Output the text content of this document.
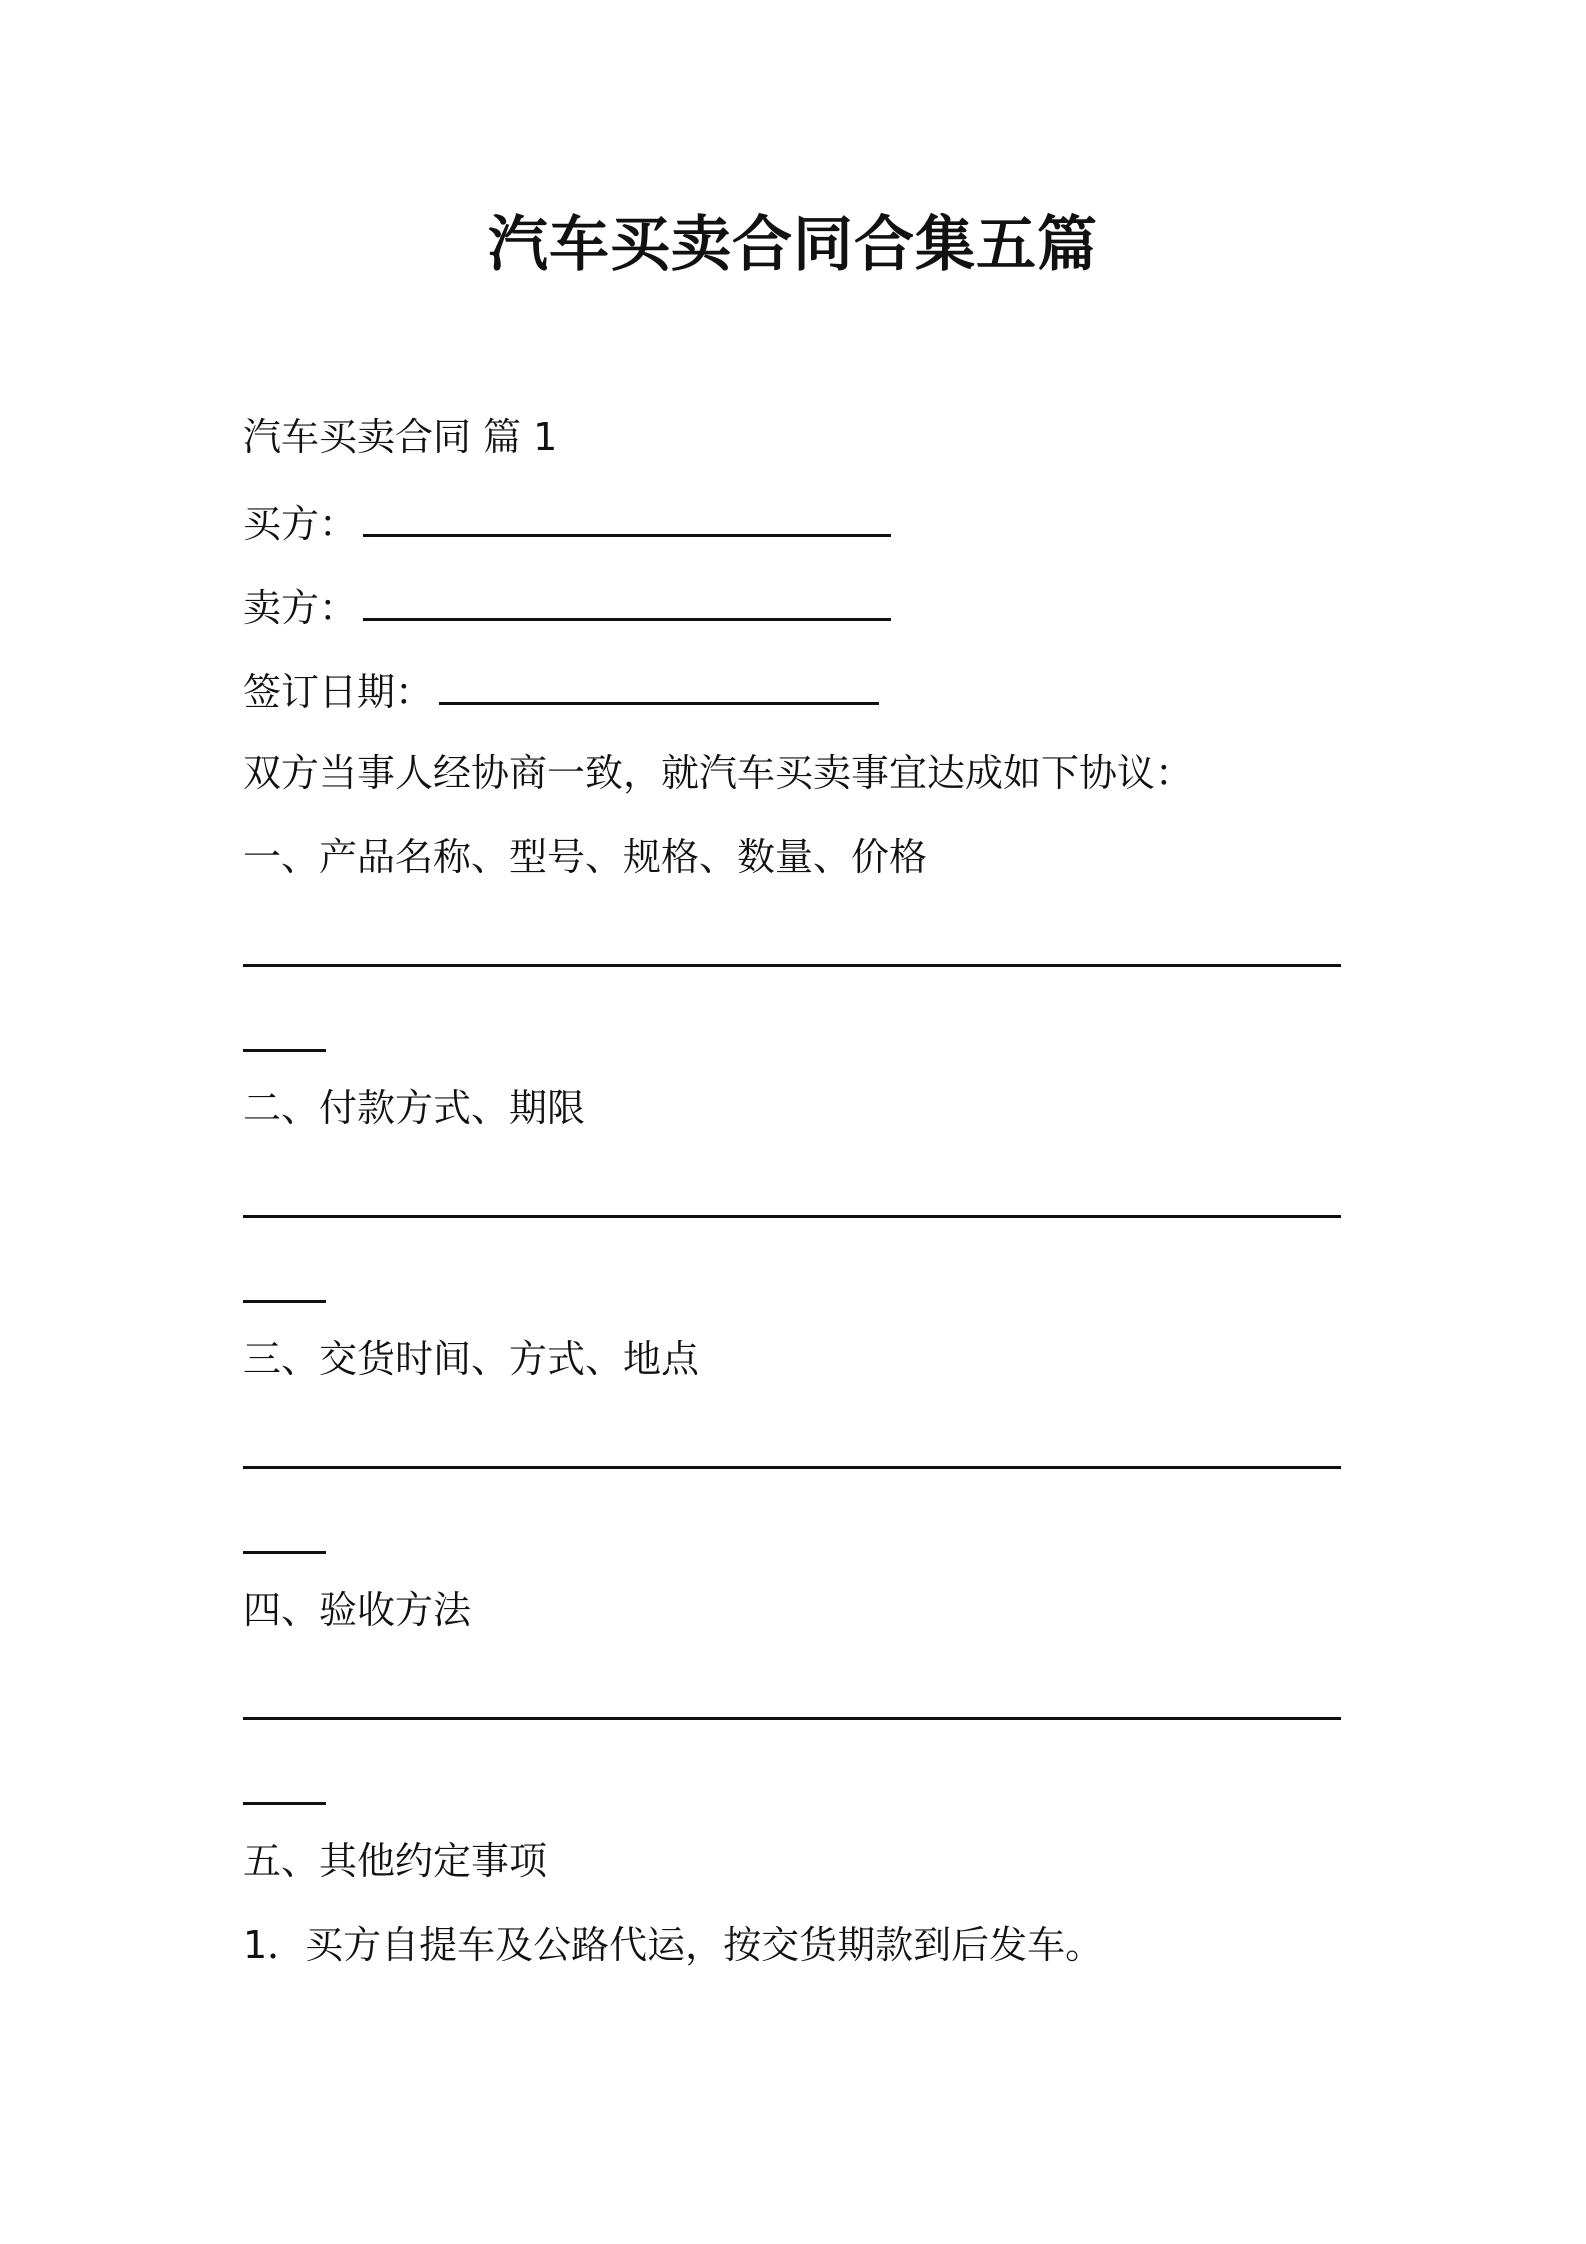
汽车买卖合同合集五篇
汽车买卖合同 篇 1
买方：
卖方：
签订日期：
双方当事人经协商一致，就汽车买卖事宜达成如下协议：
一、产品名称、型号、规格、数量、价格
二、付款方式、期限
三、交货时间、方式、地点
四、验收方法
五、其他约定事项
1．买方自提车及公路代运，按交货期款到后发车。
